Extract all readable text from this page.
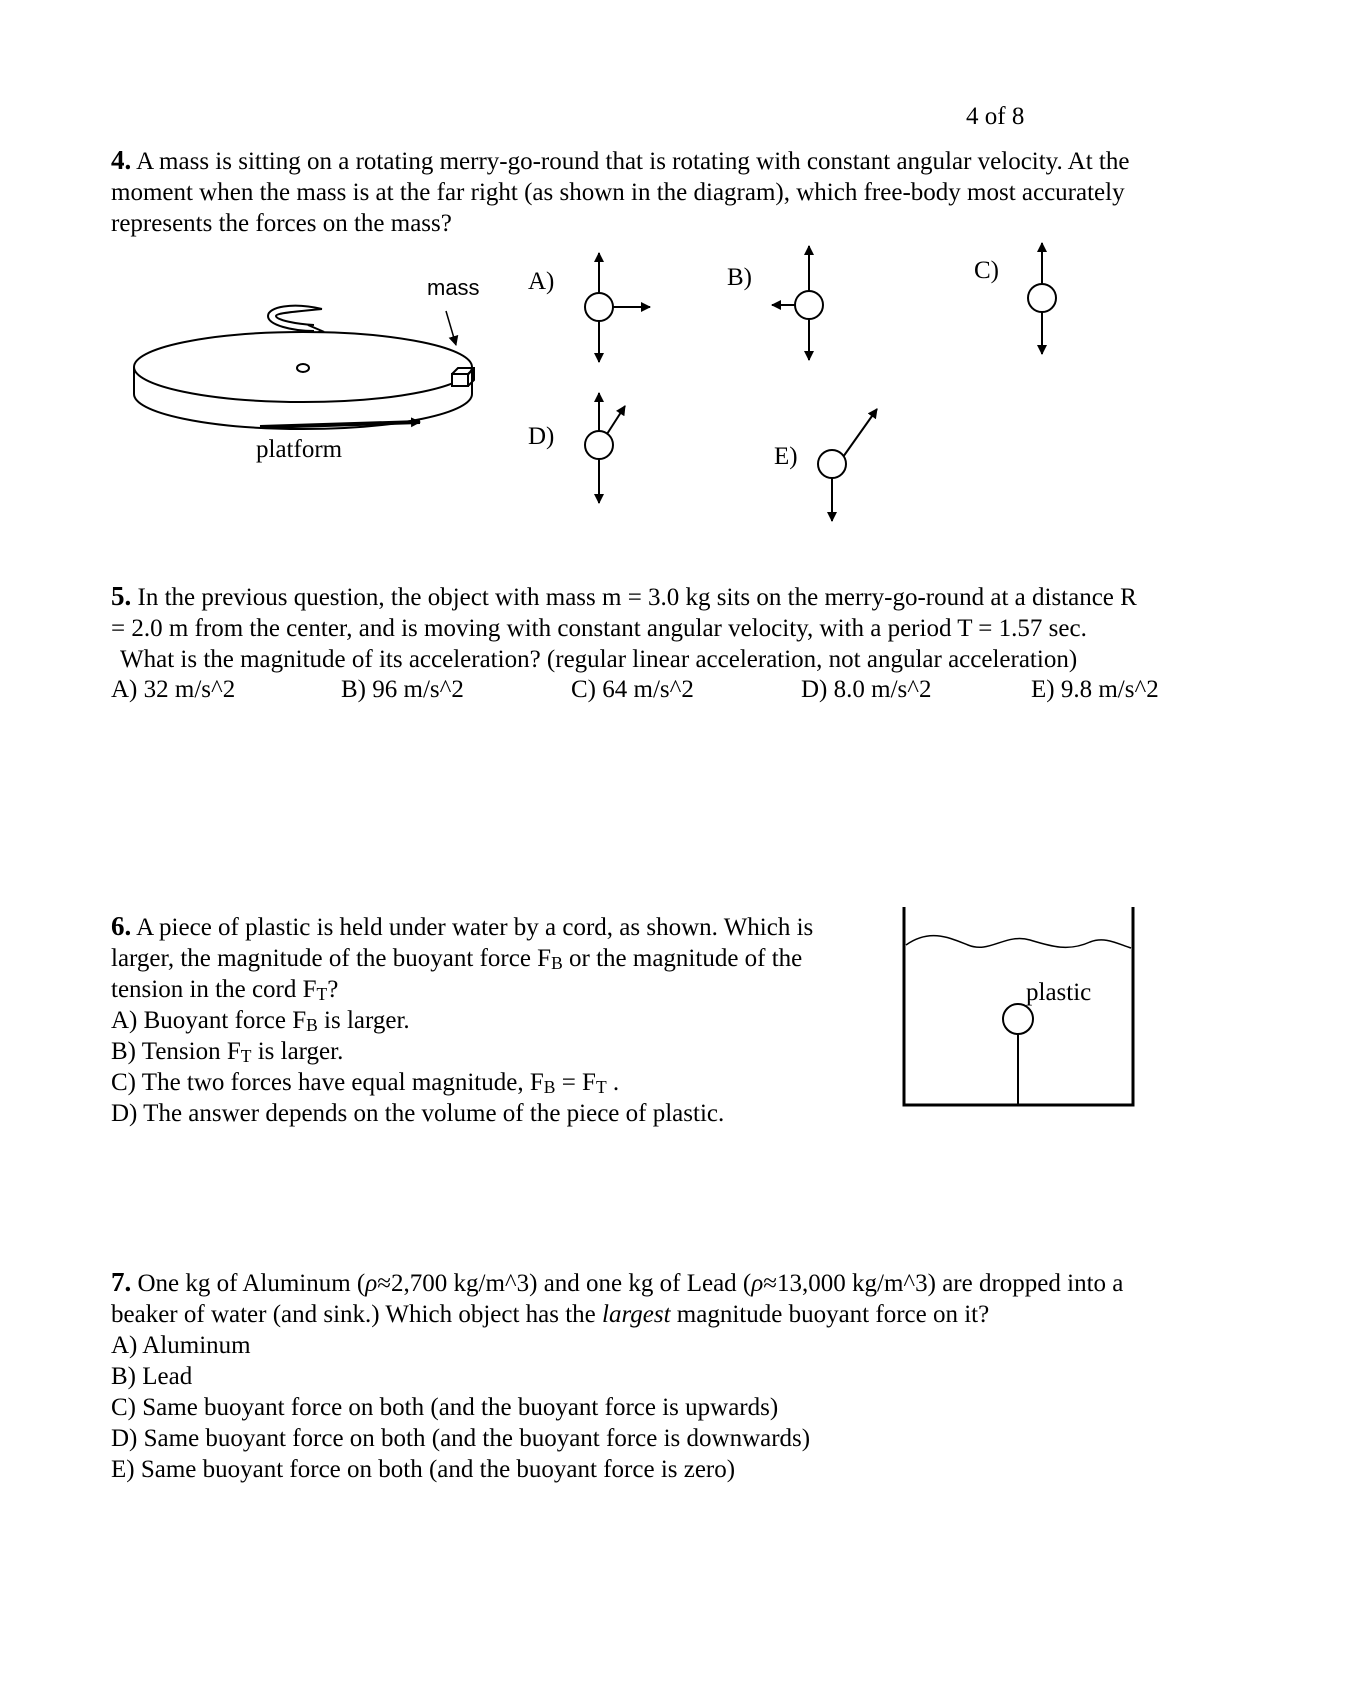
4 of 8
4. A mass is sitting on a rotating merry-go-round that is rotating with constant angular velocity. At the
moment when the mass is at the far right (as shown in the diagram), which free-body most accurately
represents the forces on the mass?
mass
platform
A)	B)	C)
D)
E)
5. In the previous question, the object with mass m = 3.0 kg sits on the merry-go-round at a distance R
= 2.0 m from the center, and is moving with constant angular velocity, with a period T = 1.57 sec.
What is the magnitude of its acceleration? (regular linear acceleration, not angular acceleration)
A) 32 m/s^2	B) 96 m/s^2	C) 64 m/s^2	D) 8.0 m/s^2	E) 9.8 m/s^2
6. A piece of plastic is held under water by a cord, as shown. Which is
larger, the magnitude of the buoyant force $F_B$ or the magnitude of the
tension in the cord $F_T$?
A) Buoyant force $F_B$ is larger.
B) Tension $F_T$ is larger.
C) The two forces have equal magnitude, $F_B = F_T$ .
D) The answer depends on the volume of the piece of plastic.
plastic
7. One kg of Aluminum (ρ≈2,700 kg/m^3) and one kg of Lead (ρ≈13,000 kg/m^3) are dropped into a
beaker of water (and sink.) Which object has the largest magnitude buoyant force on it?
A) Aluminum
B) Lead
C) Same buoyant force on both (and the buoyant force is upwards)
D) Same buoyant force on both (and the buoyant force is downwards)
E) Same buoyant force on both (and the buoyant force is zero)
